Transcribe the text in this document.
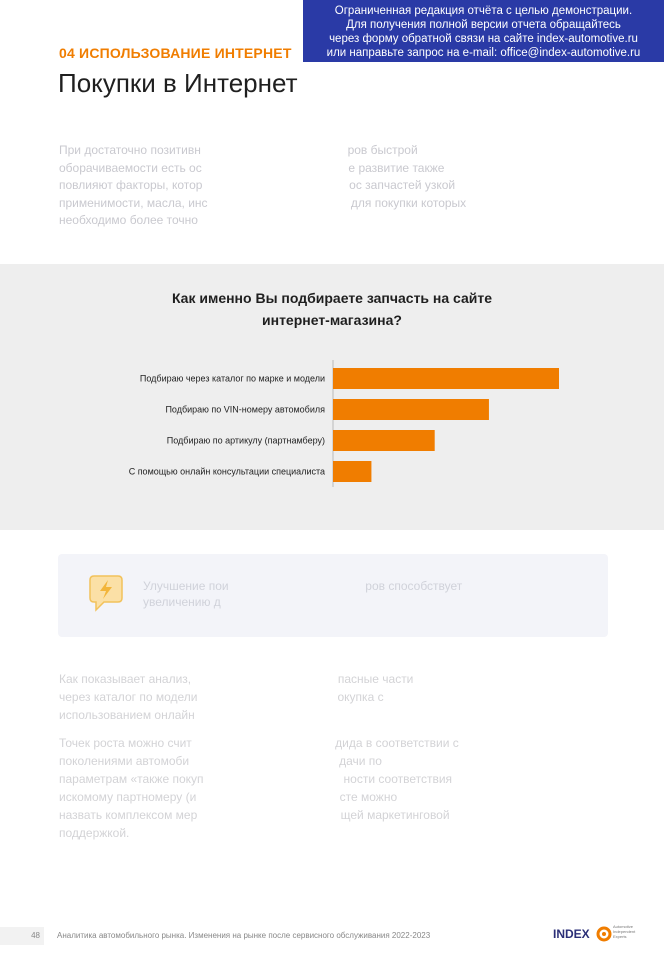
Ограниченная редакция отчёта с целью демонстрации.
Для получения полной версии отчета обращайтесь
через форму обратной связи на сайте index-automotive.ru
или направьте запрос на e-mail: office@index-automotive.ru
04 ИСПОЛЬЗОВАНИЕ ИНТЕРНЕТ
Покупки в Интернет

При достаточно позитивн                                            ров быстрой

оборачиваемости есть ос                                            е развитие также

повлияют факторы, котор                                            ос запчастей узкой

применимости, масла, инс                                           для покупки которых

необходимо более точно

Как именно Вы подбираете запчасть на сайте
интернет-магазина?
Подбираю через каталог по марке и модели
Подбираю по VIN-номеру автомобиля
Подбираю по артикулу (партнамберу)
С помощью онлайн консультации специалиста

Улучшение пои                                         ров способствует

увеличению д

Как показывает анализ,                                            пасные части
через каталог по модели                                          окупка с
использованием онлайн

Точек роста можно счит                                           дида в соответствии с
поколениями автомоби                                             дачи по
параметрам «также покуп                                          ности соответствия
искомому партномеру (и                                           сте можно
назвать комплексом мер                                           щей маркетинговой
поддержкой.

48	Аналитика автомобильного рынка. Изменения на рынке после сервисного обслуживания 2022-2023	INDEX
Automotive
Independent
Experts
